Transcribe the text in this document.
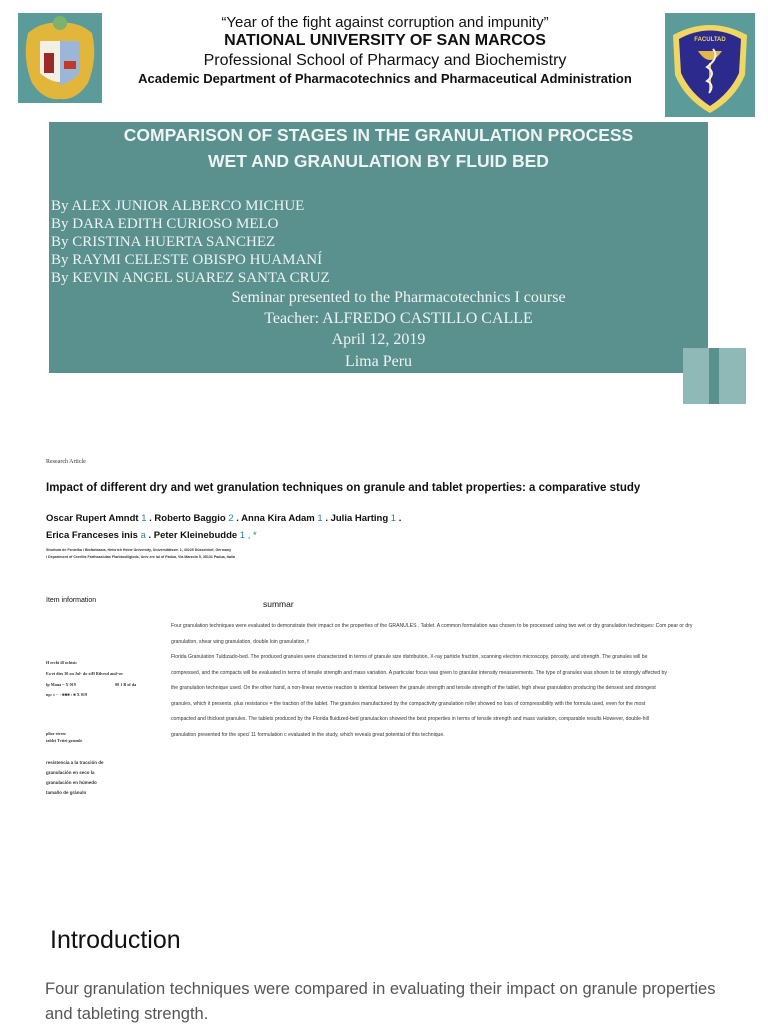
“Year of the fight against corruption and impunity”
NATIONAL UNIVERSITY OF SAN MARCOS
Professional School of Pharmacy and Biochemistry
Academic Department of Pharmacotechnics and Pharmaceutical Administration
FACULTAD
COMPARISON OF STAGES IN THE GRANULATION PROCESS
WET AND GRANULATION BY FLUID BED
By ALEX JUNIOR ALBERCO MICHUE
By DARA EDITH CURIOSO MELO
By CRISTINA HUERTA SANCHEZ
By RAYMI CELESTE OBISPO HUAMANÍ
By KEVIN ANGEL SUAREZ SANTA CRUZ
Seminar presented to the Pharmacotechnics I course
Teacher: ALFREDO CASTILLO CALLE
April 12, 2019
Lima Peru
Research Article
Impact of different dry and wet granulation techniques on granule and tablet properties: a comparative study
Oscar Rupert Amndt 1 . Roberto Baggio 2 . Anna Kira Adam 1 . Julia Harting 1 .
Erica Franceses inis a . Peter Kleinebudde 1 , *
Struttura de Fsnteika / Biofarbiasia, Heinrich Heine University, Universitätsstr. 1, 40225 Düsseldorf, Germany
i Department of Cerelits Farthsaslutas Flarbtoslilgiods, Univ ere ial of Padua, Via Marzolo 5, 35131 Padua, Italia
Item information	summar

Four granulation techniques were evaluated to demonstrate their impact on the properties of the GRANULES . Tablet. A common formulation was chosen to be processed using two wet or dry granulation techniques: Com pear or dry

granulation, shear wing granulation, double loin granulation, f

Florida Granulation Tuldizado-bed. The produced granules were characterized in terms of granule size distribution, X-ray particle fraction, scanning electron microscopy, porosity, and strength. The granules will be

compressed, and the compacts will be evaluated in terms of tensile strength and mass variation. A particular focus was given to granular intensity measurements. The type of granules was shown to be strongly affected by

the granulation technique used. On the other hand, a non-linear reverse reaction is identical between the granule strength and tensile strength of the tablet, high shear granulation producing the densest and strongest

granules, which it presents. plus resistance = the traction of the tablet. The granules manufactured by the compactivity granulation roller showed no loss of compressibility with the formula used, even for the most

compacted and thickest granules. The tablets produced by the Florida fluidized-bed granulackon showed the best properties in terms of tensile strength and mass variation, comparable results However, double-hill

granulation presented for the speci 11 formulation c evaluated in the study, which reveals great potential of this technique.

H ercbi ill ochtsic
Ewet dies 30 on Jul- do xiH Bilvesd and~ov
fp Maua ~ X 019	00 1 B of da
np: s ·- · ■■■ : ■ X 019
plior eiven:
tablei Tvitei granule
resistencia a la tracción de
granulación en seco la
granulación en húmedo
tamaño de gránulo
Introduction
Four granulation techniques were compared in evaluating their impact on granule properties and tableting strength.
